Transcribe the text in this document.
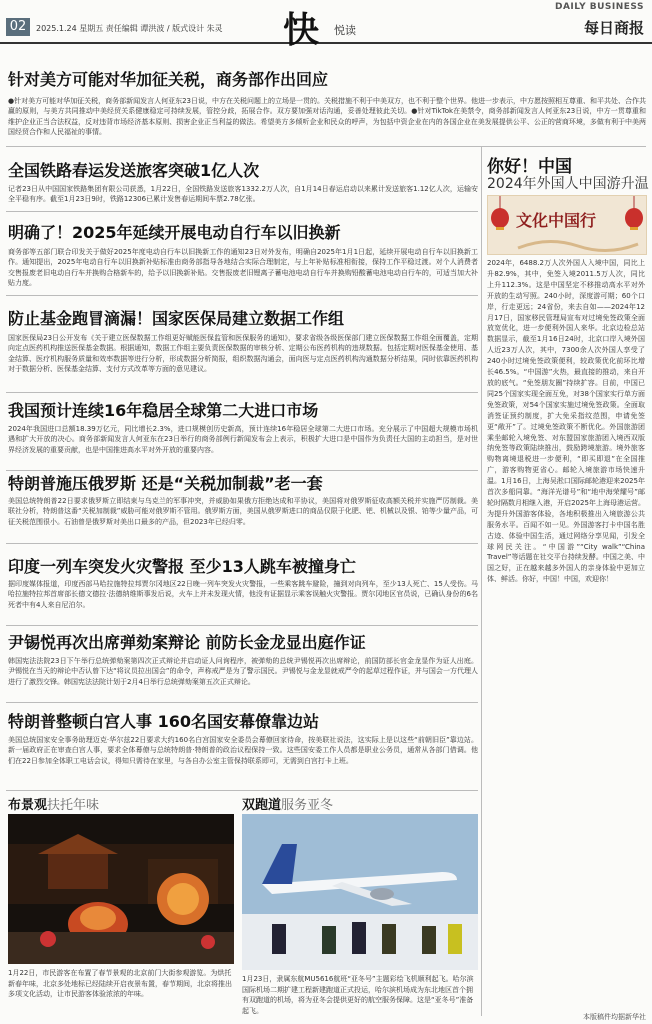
02	2025.1.24 星期五 责任编辑 谭洪波 / 版式设计 朱灵 快 悦读
DAILY BUSINESS
每日商报
针对美方可能对华加征关税，商务部作出回应
●针对美方可能对华加征关税，商务部新闻发言人何亚东23日说，中方在关税问题上的立场是一贯的。关税措施不利于中美双方，也不利于整个世界。他进一步表示，中方愿按照相互尊重、和平共处、合作共赢的原则，与美方共同推动中美经贸关系健康稳定可持续发展，管控分歧，拓展合作。双方要加强对话沟通，妥善处理彼此关切。●针对TikTok在美禁令，商务部新闻发言人何亚东23日说，中方一贯尊重和维护企业正当合法权益，反对违背市场经济基本原则、损害企业正当利益的做法。希望美方多倾听企业和民众的呼声，为包括中资企业在内的各国企业在美发展提供公平、公正的营商环境，多做有利于中美两国经贸合作和人民福祉的事情。
全国铁路春运发送旅客突破1亿人次
记者23日从中国国家铁路集团有限公司获悉，1月22日，全国铁路发送旅客1332.2万人次，自1月14日春运启动以来累计发送旅客1.12亿人次，运输安全平稳有序。截至1月23日9时，铁路12306已累计发售春运期间车票2.78亿张。
明确了！2025年延续开展电动自行车以旧换新
商务部等五部门联合印发关于做好2025年度电动自行车以旧换新工作的通知23日对外发布，明确自2025年1月1日起，延续开展电动自行车以旧换新工作。通知提出，2025年电动自行车以旧换新补贴标准由商务部指导各地结合实际合理制定，与上年补贴标准相衔接，保持工作平稳过渡。对个人消费者交售报废老旧电动自行车并换购合格新车的，给予以旧换新补贴。交售报废老旧锂离子蓄电池电动自行车并换购铅酸蓄电池电动自行车的，可适当加大补贴力度。
防止基金跑冒滴漏！国家医保局建立数据工作组
国家医保局23日公开发布《关于建立医保数据工作组更好赋能医保监管和医保服务的通知》，要求省级各级医保部门建立医保数据工作组全面覆盖，定期向定点医药机构推送医保基金数据。根据通知，数据工作组主要负责医保数据的审核分析、定期公布医药机构的违规数据。包括定期对医保基金使用、基金结算、医疗机构服务质量和效率数据等进行分析，形成数据分析简报，组织数据沟通会，面向医与定点医药机构沟通数据分析结果，同时依靠医药机构对于数据分析、医保基金结算、支付方式改革等方面的意见建议。
我国预计连续16年稳居全球第二大进口市场
2024年我国进口总额18.39万亿元，同比增长2.3%，进口规模创历史新高，预计连续16年稳居全球第二大进口市场。充分展示了中国超大规模市场机遇和扩大开放的决心。商务部新闻发言人何亚东在23日举行的商务部例行新闻发布会上表示，积极扩大进口是中国作为负责任大国的主动担当，是对世界经济发展的重要贡献，也是中国推进高水平对外开放的重要内容。
特朗普施压俄罗斯 还是“关税加制裁”老一套
美国总统特朗普22日要求俄罗斯立即结束与乌克兰的军事冲突，并威胁如果俄方拒绝达成和平协议，美国将对俄罗斯征收高额关税并实施严厉制裁。美联社分析，特朗普这番“关税加制裁”威胁可能对俄罗斯不管用。俄罗斯方面，美国从俄罗斯进口的商品仅限于化肥、钯、机械以及银、铂等少量产品，可征关税范围很小。石油曾是俄罗斯对美出口最多的产品，但2023年已经归零。
印度一列车突发火灾警报 至少13人跳车被撞身亡
据印度媒体报道，印度西部马哈拉施特拉邦贾尔冈地区22日晚一列车突发火灾警报，一些乘客跳车避险，撞到对向列车，至少13人死亡、15人受伤。马哈拉施特拉邦首席部长德文德拉·法德纳维斯事发后说，火车上并未发现火情，他没有证据显示乘客误触火灾警报。贾尔冈地区官员说，已确认身份的6名死者中有4人来自尼泊尔。
尹锡悦再次出席弹劾案辩论 前防长金龙显出庭作证
韩国宪法法院23日下午举行总统弹劾案第四次正式辩论并启动证人问询程序，被弹劾的总统尹锡悦再次出席辩论，前国防部长官金龙显作为证人出庭。尹锡悦在当天的辩论中否认曾下达“将议员拉出国会”的命令，声称戒严是为了警示国民。尹锡悦与金龙显就戒严令的起草过程作证，并与国会一方代理人进行了激烈交锋。韩国宪法法院计划于2月4日举行总统弹劾案第五次正式辩论。
特朗普整顿白宫人事 160名国安幕僚靠边站
美国总统国家安全事务助理迈克·华尔兹22日要求大约160名白宫国家安全委员会幕僚回家待命，按美联社说法，这实际上是以这些“前朝旧臣”靠边站。新一届政府正在审查白宫人事，要求全体幕僚与总统特朗普·特朗普的政治议程保持一致。这些国安委工作人员都是职业公务员，通常从各部门借调。他们在22日参加全体职工电话会议，得知只需待在家里，与各自办公室主管保持联系即可，无需到白宫打卡上班。
你好！中国
2024年外国人中国游升温
文化中国行
2024年，6488.2万人次外国人入境中国，同比上升82.9%，其中，免签入境2011.5万人次，同比上升112.3%。这是中国坚定不移推动高水平对外开放的生动写照。240小时，深度游可期；60个口岸，行走更远；24省份，来去自如——2024年12月17日，国家移民管理局宣布对过境免签政策全面放宽优化，进一步便利外国人来华。北京边检总站数据显示，截至1月16日24时，北京口岸入境外国人近23万人次，其中，7300余人次外国人享受了240小时过境免签政策便利，较政策优化前环比增长46.5%。“中国游”火热，最直接的推动，来自开放的底气。“免签朋友圈”持续扩容。目前，中国已同25个国家实现全面互免，对38个国家实行单方面免签政策，对54个国家实施过境免签政策。全面取消签证预约制度，扩大免采指纹范围，申请免签更“敞开”了。过境免签政策不断优化。外国旅游团乘坐邮轮入境免签、对东盟国家旅游团入境西双版纳免签等政策陆续推出，鼓励跨境旅游。境外旅客购物离境退税进一步便利，“即买即退”在全国推广，游客购物更省心。邮轮入境旅游市场快速升温。1月16日，上海吴淞口国际邮轮港迎来2025年首次多船同靠。“海洋光谱号”和“地中海荣耀号”邮轮时隔数月相继入港，开启2025年上海母港运营。为提升外国游客体验，各地积极推出入境旅游公共服务水平。百闻不如一见。外国游客打卡中国名胜古迹、体验中国生活，通过网络分享见闻，引发全球网民关注。“中国游”“City walk”“China Travel”等话题在社交平台持续发酵。中国之美、中国之好，正在越来越多外国人的亲身体验中更加立体、鲜活。你好，中国！中国，欢迎你！
布景观扶托年味
1月22日，市民游客在布置了春节景观的北京前门大街参观游览。为烘托新春年味，北京多处地标已经陆续开启夜景布置，春节期间，北京将推出多项文化活动，让市民游客体验浓浓的年味。
双跑道服务亚冬
1月23日，隶属东航MU5616航班“亚冬号”主题彩绘飞机顺利起飞。哈尔滨国际机场二期扩建工程新建跑道正式投运，哈尔滨机场成为东北地区首个拥有双跑道的机场，将为亚冬会提供更好的航空服务保障。这是“亚冬号”准备起飞。
本版稿件均据新华社
